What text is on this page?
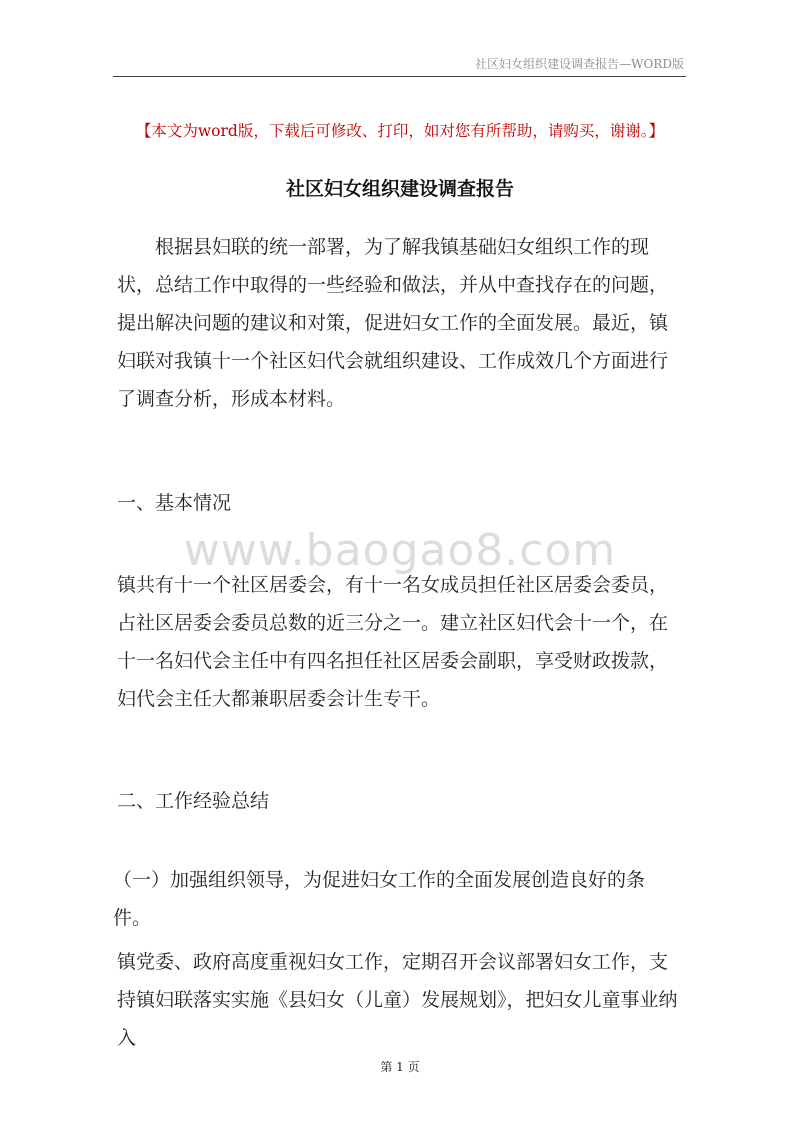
社区妇女组织建设调查报告—WORD版
【本文为word版，下载后可修改、打印，如对您有所帮助，请购买，谢谢。】
社区妇女组织建设调查报告

根据县妇联的统一部署，为了解我镇基础妇女组织工作的现状，总结工作中取得的一些经验和做法，并从中查找存在的问题，提出解决问题的建议和对策，促进妇女工作的全面发展。最近，镇妇联对我镇十一个社区妇代会就组织建设、工作成效几个方面进行了调查分析，形成本材料。

一、基本情况

www.baogao8.com

镇共有十一个社区居委会，有十一名女成员担任社区居委会委员，占社区居委会委员总数的近三分之一。建立社区妇代会十一个，在十一名妇代会主任中有四名担任社区居委会副职，享受财政拨款，妇代会主任大都兼职居委会计生专干。

二、工作经验总结

（一）加强组织领导，为促进妇女工作的全面发展创造良好的条件。

镇党委、政府高度重视妇女工作，定期召开会议部署妇女工作，支持镇妇联落实实施《县妇女（儿童）发展规划》，把妇女儿童事业纳入

第 1 页
